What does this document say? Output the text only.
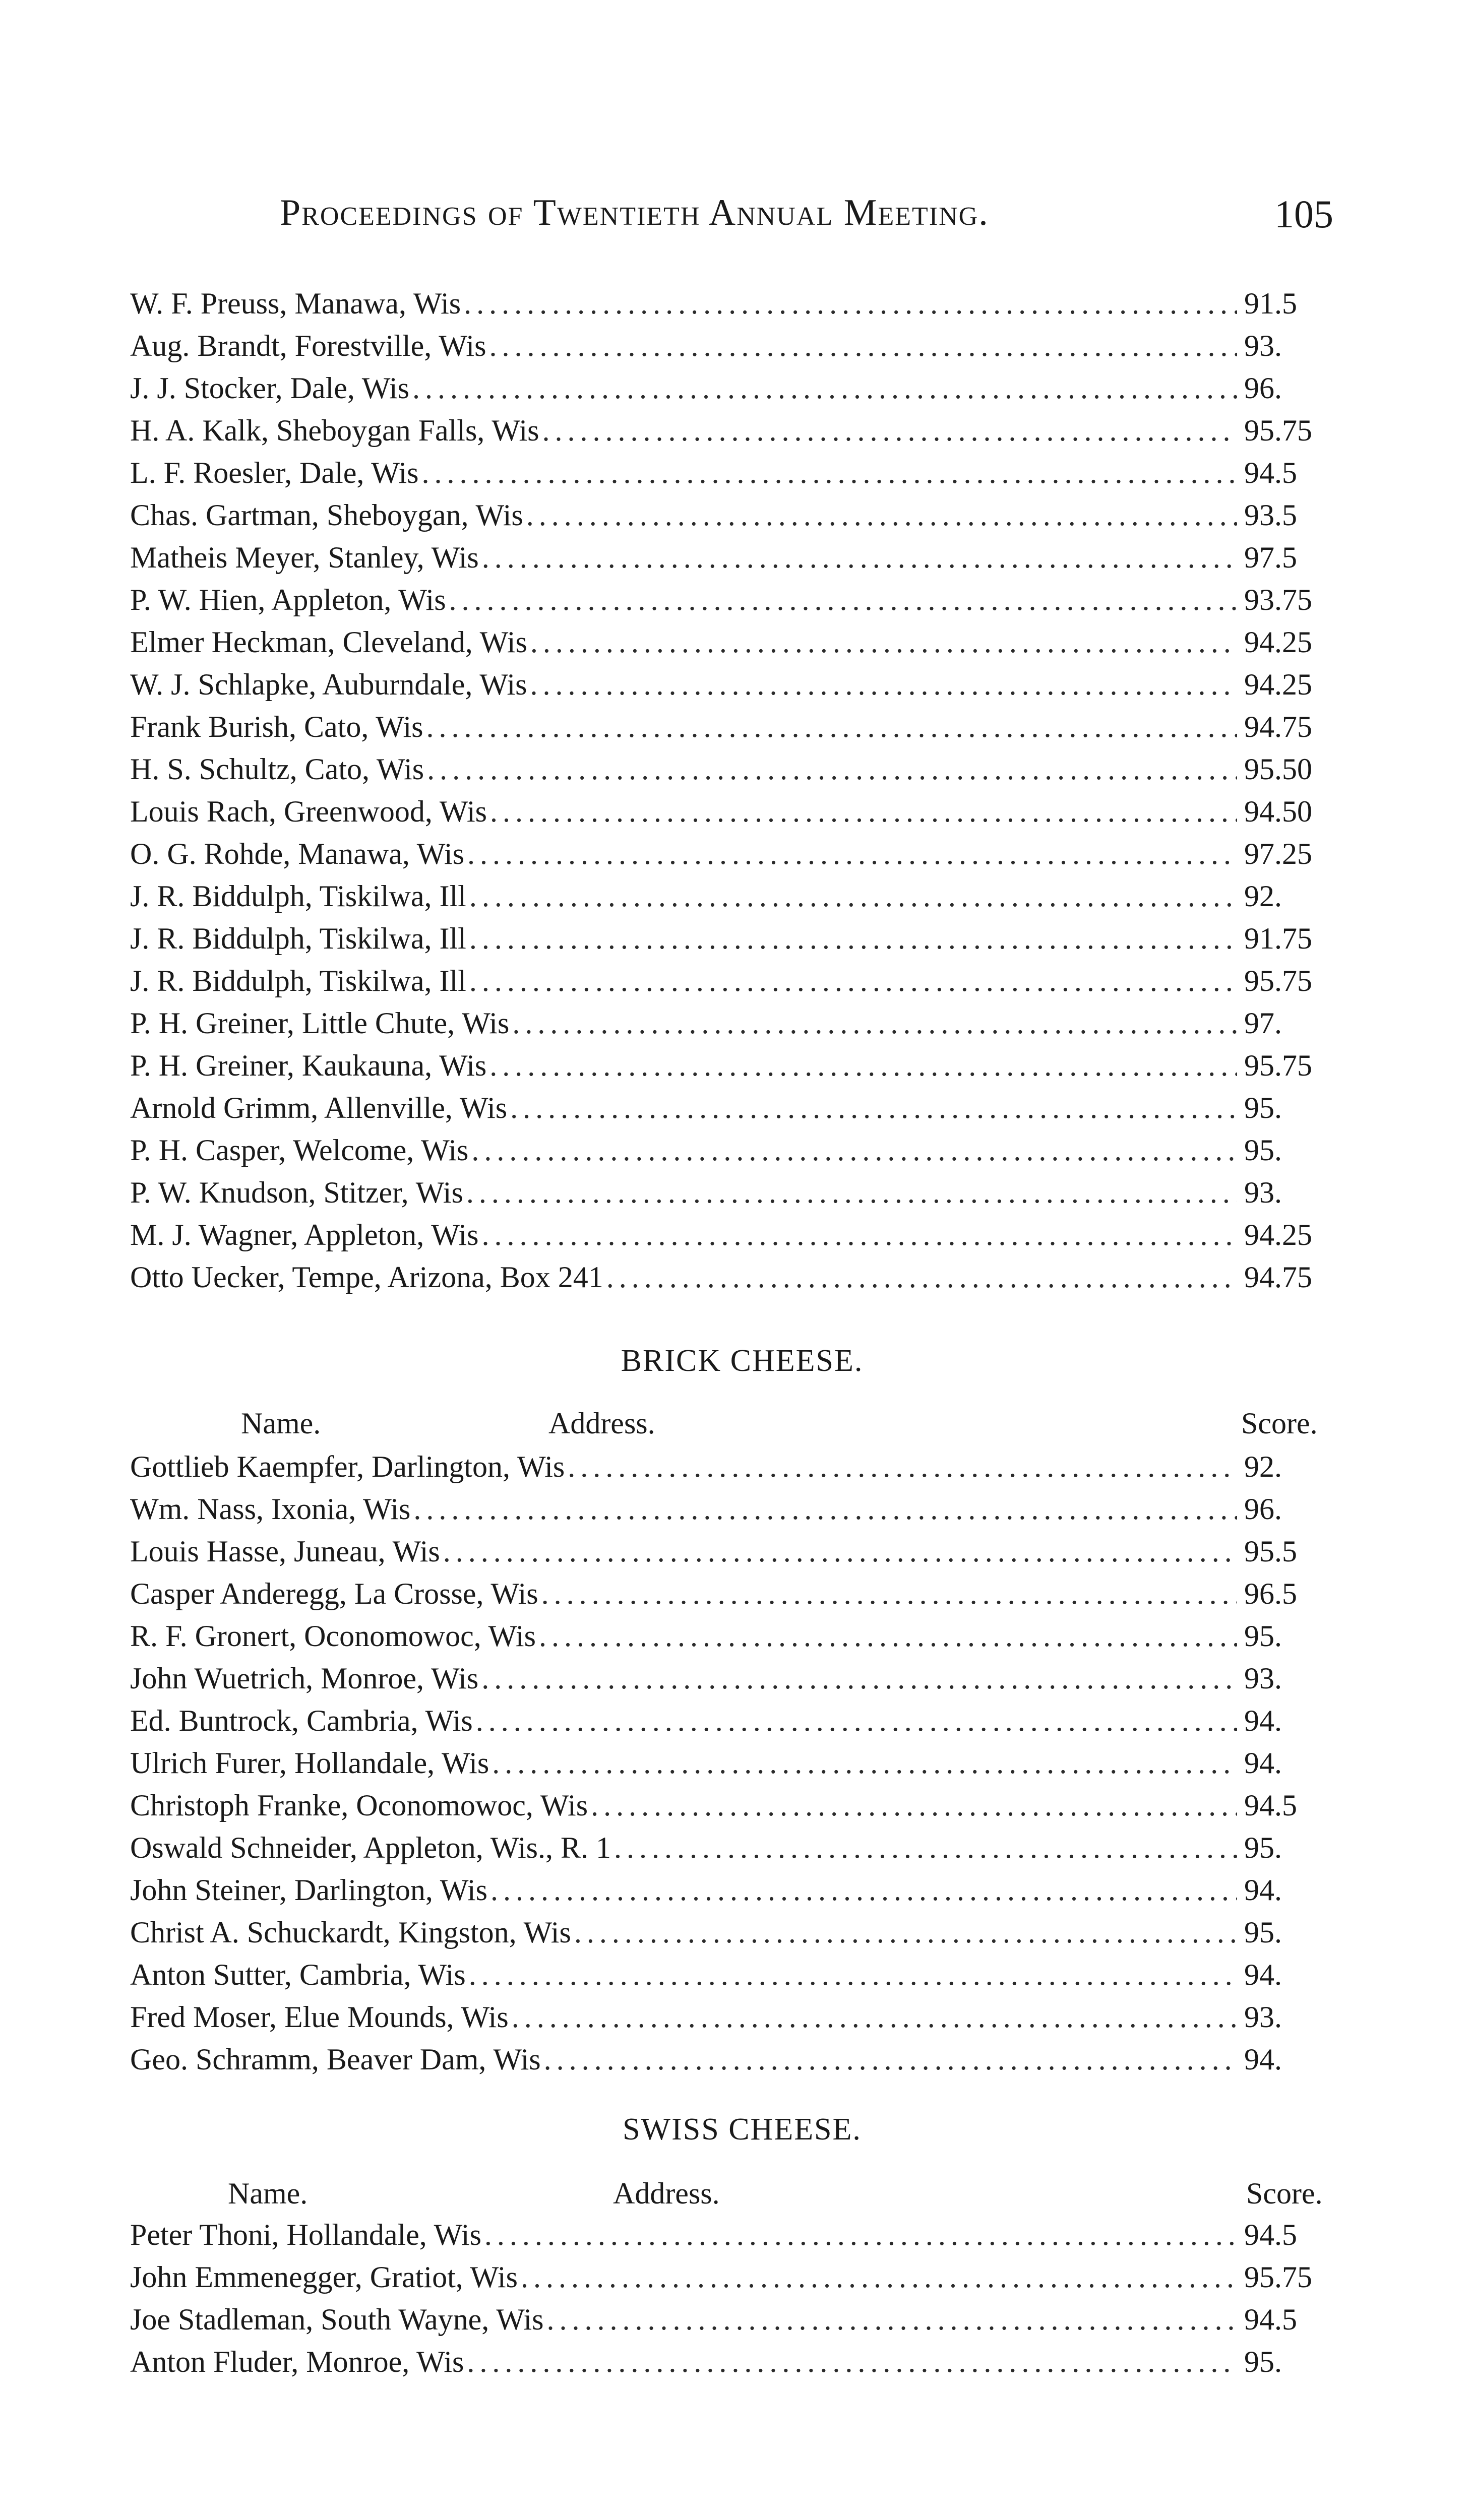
Proceedings of Twentieth Annual Meeting.	105
W. F. Preuss, Manawa, Wis .....	91.5
Aug. Brandt, Forestville, Wis .....	93.
J. J. Stocker, Dale, Wis .....	96.
H. A. Kalk, Sheboygan Falls, Wis .....	95.75
L. F. Roesler, Dale, Wis .....	94.5
Chas. Gartman, Sheboygan, Wis .....	93.5
Matheis Meyer, Stanley, Wis .....	97.5
P. W. Hien, Appleton, Wis .....	93.75
Elmer Heckman, Cleveland, Wis .....	94.25
W. J. Schlapke, Auburndale, Wis .....	94.25
Frank Burish, Cato, Wis .....	94.75
H. S. Schultz, Cato, Wis .....	95.50
Louis Rach, Greenwood, Wis .....	94.50
O. G. Rohde, Manawa, Wis .....	97.25
J. R. Biddulph, Tiskilwa, Ill .....	92.
J. R. Biddulph, Tiskilwa, Ill .....	91.75
J. R. Biddulph, Tiskilwa, Ill .....	95.75
P. H. Greiner, Little Chute, Wis .....	97.
P. H. Greiner, Kaukauna, Wis .....	95.75
Arnold Grimm, Allenville, Wis .....	95.
P. H. Casper, Welcome, Wis .....	95.
P. W. Knudson, Stitzer, Wis .....	93.
M. J. Wagner, Appleton, Wis .....	94.25
Otto Uecker, Tempe, Arizona, Box 241 .....	94.75
BRICK CHEESE.
Name.	Address.	Score.
Gottlieb Kaempfer, Darlington, Wis .....	92.
Wm. Nass, Ixonia, Wis .....	96.
Louis Hasse, Juneau, Wis .....	95.5
Casper Anderegg, La Crosse, Wis .....	96.5
R. F. Gronert, Oconomowoc, Wis .....	95.
John Wuetrich, Monroe, Wis .....	93.
Ed. Buntrock, Cambria, Wis .....	94.
Ulrich Furer, Hollandale, Wis .....	94.
Christoph Franke, Oconomowoc, Wis .....	94.5
Oswald Schneider, Appleton, Wis., R. 1 .....	95.
John Steiner, Darlington, Wis .....	94.
Christ A. Schuckardt, Kingston, Wis .....	95.
Anton Sutter, Cambria, Wis .....	94.
Fred Moser, Elue Mounds, Wis .....	93.
Geo. Schramm, Beaver Dam, Wis .....	94.
SWISS CHEESE.
Name.	Address.	Score.
Peter Thoni, Hollandale, Wis .....	94.5
John Emmenegger, Gratiot, Wis .....	95.75
Joe Stadleman, South Wayne, Wis .....	94.5
Anton Fluder, Monroe, Wis .....	95.
